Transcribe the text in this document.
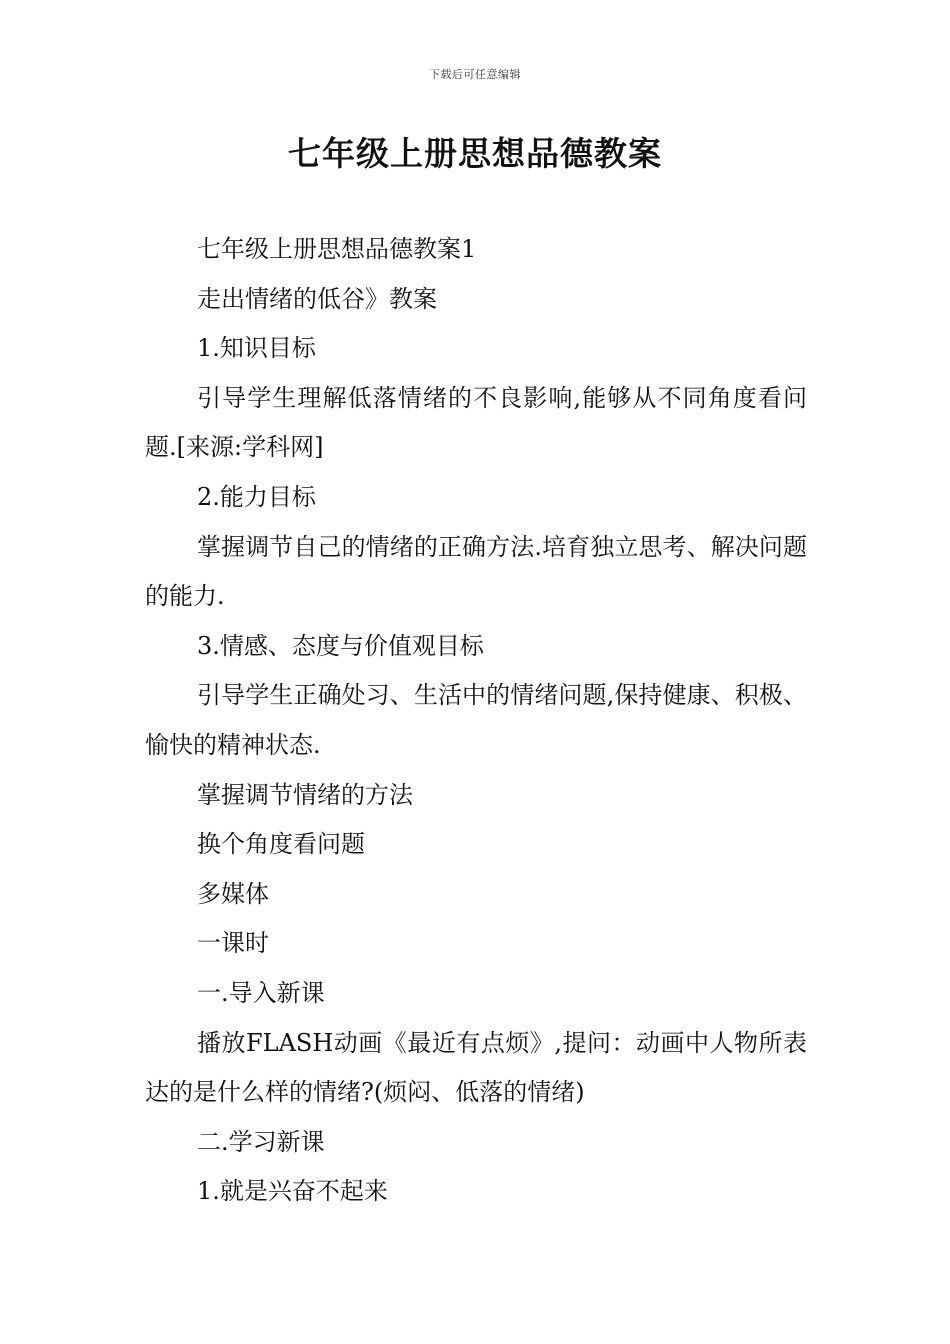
下载后可任意编辑
七年级上册思想品德教案

七年级上册思想品德教案1

走出情绪的低谷》教案

1.知识目标

引导学生理解低落情绪的不良影响,能够从不同角度看问题.[来源:学科网]

2.能力目标

掌握调节自己的情绪的正确方法.培育独立思考、解决问题的能力.

3.情感、态度与价值观目标

引导学生正确处习、生活中的情绪问题,保持健康、积极、愉快的精神状态.

掌握调节情绪的方法

换个角度看问题

多媒体

一课时

一.导入新课

播放FLASH动画《最近有点烦》,提问：动画中人物所表达的是什么样的情绪?(烦闷、低落的情绪)

二.学习新课

1.就是兴奋不起来
